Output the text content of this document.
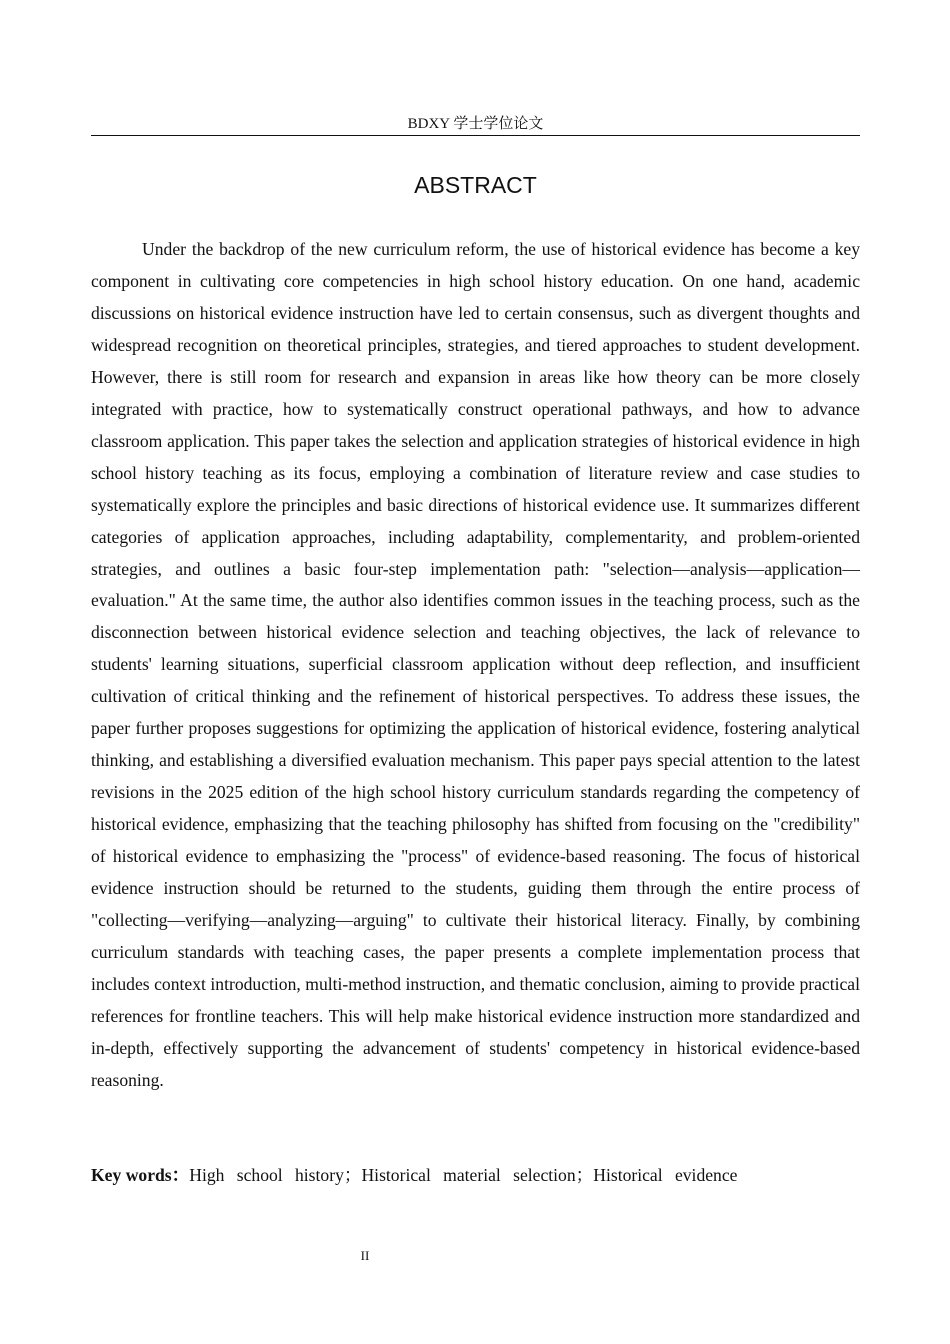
BDXY 学士学位论文
ABSTRACT

Under the backdrop of the new curriculum reform, the use of historical evidence has become a key component in cultivating core competencies in high school history education. On one hand, academic discussions on historical evidence instruction have led to certain consensus, such as divergent thoughts and widespread recognition on theoretical principles, strategies, and tiered approaches to student development. However, there is still room for research and expansion in areas like how theory can be more closely integrated with practice, how to systematically construct operational pathways, and how to advance classroom application. This paper takes the selection and application strategies of historical evidence in high school history teaching as its focus, employing a combination of literature review and case studies to systematically explore the principles and basic directions of historical evidence use. It summarizes different categories of application approaches, including adaptability, complementarity, and problem-oriented strategies, and outlines a basic four-step implementation path: "selection—analysis—application—evaluation." At the same time, the author also identifies common issues in the teaching process, such as the disconnection between historical evidence selection and teaching objectives, the lack of relevance to students' learning situations, superficial classroom application without deep reflection, and insufficient cultivation of critical thinking and the refinement of historical perspectives. To address these issues, the paper further proposes suggestions for optimizing the application of historical evidence, fostering analytical thinking, and establishing a diversified evaluation mechanism. This paper pays special attention to the latest revisions in the 2025 edition of the high school history curriculum standards regarding the competency of historical evidence, emphasizing that the teaching philosophy has shifted from focusing on the "credibility" of historical evidence to emphasizing the "process" of evidence-based reasoning. The focus of historical evidence instruction should be returned to the students, guiding them through the entire process of "collecting—verifying—analyzing—arguing" to cultivate their historical literacy. Finally, by combining curriculum standards with teaching cases, the paper presents a complete implementation process that includes context introduction, multi-method instruction, and thematic conclusion, aiming to provide practical references for frontline teachers. This will help make historical evidence instruction more standardized and in-depth, effectively supporting the advancement of students' competency in historical evidence-based reasoning.

Key words：High school history；Historical material selection；Historical evidence
II
